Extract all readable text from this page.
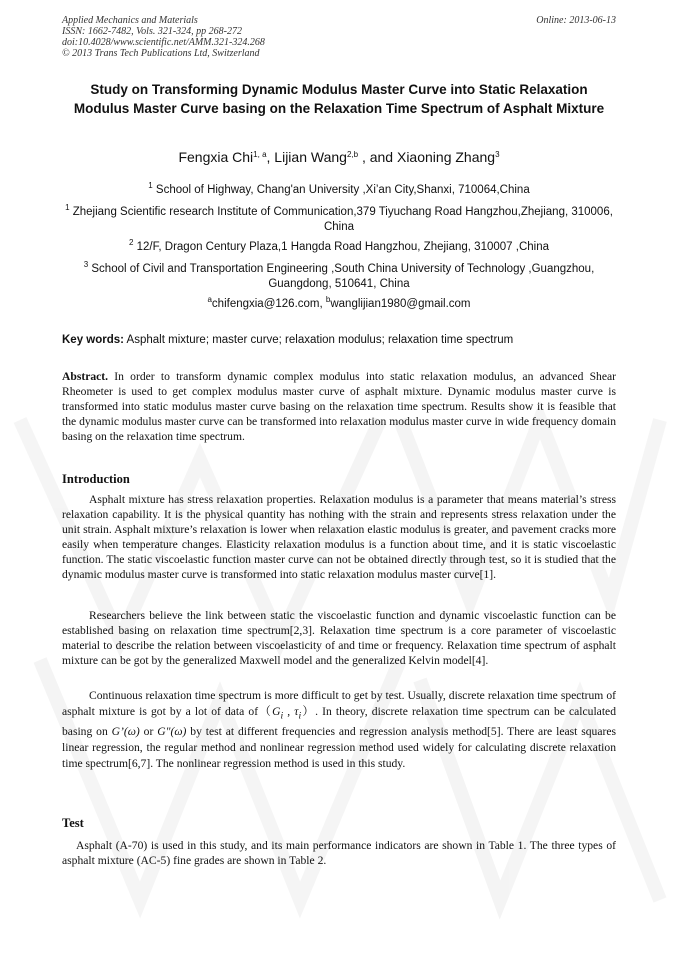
Applied Mechanics and Materials
ISSN: 1662-7482, Vols. 321-324, pp 268-272
doi:10.4028/www.scientific.net/AMM.321-324.268
© 2013 Trans Tech Publications Ltd, Switzerland
Online: 2013-06-13
Study on Transforming Dynamic Modulus Master Curve into Static Relaxation Modulus Master Curve basing on the Relaxation Time Spectrum of Asphalt Mixture
Fengxia Chi$^{1, a}$, Lijian Wang$^{2,b}$ , and Xiaoning Zhang$^3$
$^1$ School of Highway, Chang'an University ,Xi’an City,Shanxi, 710064,China
$^1$ Zhejiang Scientific research Institute of Communication,379 Tiyuchang Road Hangzhou,Zhejiang, 310006, China
$^2$ 12/F, Dragon Century Plaza,1 Hangda Road Hangzhou, Zhejiang, 310007 ,China
$^3$ School of Civil and Transportation Engineering ,South China University of Technology ,Guangzhou, Guangdong, 510641, China
$^a$chifengxia@126.com, $^b$wanglijian1980@gmail.com
Key words: Asphalt mixture; master curve; relaxation modulus; relaxation time spectrum
Abstract. In order to transform dynamic complex modulus into static relaxation modulus, an advanced Shear Rheometer is used to get complex modulus master curve of asphalt mixture. Dynamic modulus master curve is transformed into static modulus master curve basing on the relaxation time spectrum. Results show it is feasible that the dynamic modulus master curve can be transformed into relaxation modulus master curve in wide frequency domain basing on the relaxation time spectrum.
Introduction
Asphalt mixture has stress relaxation properties. Relaxation modulus is a parameter that means material’s stress relaxation capability. It is the physical quantity has nothing with the strain and represents stress relaxation under the unit strain. Asphalt mixture’s relaxation is lower when relaxation elastic modulus is greater, and pavement cracks more easily when temperature changes. Elasticity relaxation modulus is a function about time, and it is static viscoelastic function. The static viscoelastic function master curve can not be obtained directly through test, so it is studied that the dynamic modulus master curve is transformed into static relaxation modulus master curve[1].
Researchers believe the link between static the viscoelastic function and dynamic viscoelastic function can be established basing on relaxation time spectrum[2,3]. Relaxation time spectrum is a core parameter of viscoelastic material to describe the relation between viscoelasticity of and time or frequency. Relaxation time spectrum of asphalt mixture can be got by the generalized Maxwell model and the generalized Kelvin model[4].
Continuous relaxation time spectrum is more difficult to get by test. Usually, discrete relaxation time spectrum of asphalt mixture is got by a lot of data $of(G_i$ , $\tau_i$）. In theory, discrete relaxation time spectrum can be calculated basing on G’(ω) or G"(ω) by test at different frequencies and regression analysis method[5]. There are least squares linear regression, the regular method and nonlinear regression method used widely for calculating discrete relaxation time spectrum[6,7]. The nonlinear regression method is used in this study.
Test
Asphalt (A-70) is used in this study, and its main performance indicators are shown in Table 1. The three types of asphalt mixture (AC-5) fine grades are shown in Table 2.
